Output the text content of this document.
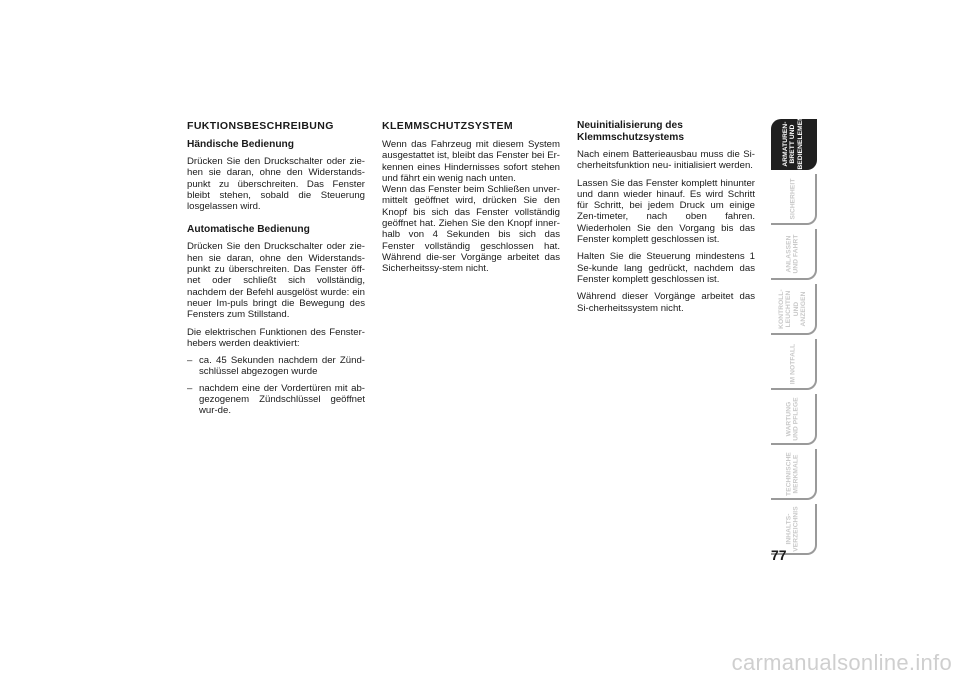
FUKTIONSBESCHREIBUNG
Händische Bedienung

Drücken Sie den Druckschalter oder zie-hen sie daran, ohne den Widerstands-punkt zu überschreiten. Das Fenster bleibt stehen, sobald die Steuerung losgelassen wird.

Automatische Bedienung

Drücken Sie den Druckschalter oder zie-hen sie daran, ohne den Widerstands-punkt zu überschreiten. Das Fenster öff-net oder schließt sich vollständig, nachdem der Befehl ausgelöst wurde: ein neuer Im-puls bringt die Bewegung des Fensters zum Stillstand.

Die elektrischen Funktionen des Fenster-hebers werden deaktiviert:

– ca. 45 Sekunden nachdem der Zünd-schlüssel abgezogen wurde
– nachdem eine der Vordertüren mit ab-gezogenem Zündschlüssel geöffnet wur-de.
KLEMMSCHUTZSYSTEM

Wenn das Fahrzeug mit diesem System ausgestattet ist, bleibt das Fenster bei Er-kennen eines Hindernisses sofort stehen und fährt ein wenig nach unten.
Wenn das Fenster beim Schließen unver-mittelt geöffnet wird, drücken Sie den Knopf bis sich das Fenster vollständig geöffnet hat. Ziehen Sie den Knopf inner-halb von 4 Sekunden bis sich das Fenster vollständig geschlossen hat. Während die-ser Vorgänge arbeitet das Sicherheitssy-stem nicht.

Neuinitialisierung des Klemmschutzsystems

Nach einem Batterieausbau muss die Si-cherheitsfunktion neu- initialisiert werden.

Lassen Sie das Fenster komplett hinunter und dann wieder hinauf. Es wird Schritt für Schritt, bei jedem Druck um einige Zen-timeter, nach oben fahren. Wiederholen Sie den Vorgang bis das Fenster komplett geschlossen ist.

Halten Sie die Steuerung mindestens 1 Se-kunde lang gedrückt, nachdem das Fenster komplett geschlossen ist.

Während dieser Vorgänge arbeitet das Si-cherheitssystem nicht.

ARMATUREN-BRETT UND BEDIENELEMENTE
SICHERHEIT
ANLASSEN UND FAHRT
KONTROLL-LEUCHTEN UND ANZEIGEN
IM NOTFALL
WARTUNG UND PFLEGE
TECHNISCHE MERKMALE
INHALTS-VERZEICHNIS
77
carmanualsonline.info
